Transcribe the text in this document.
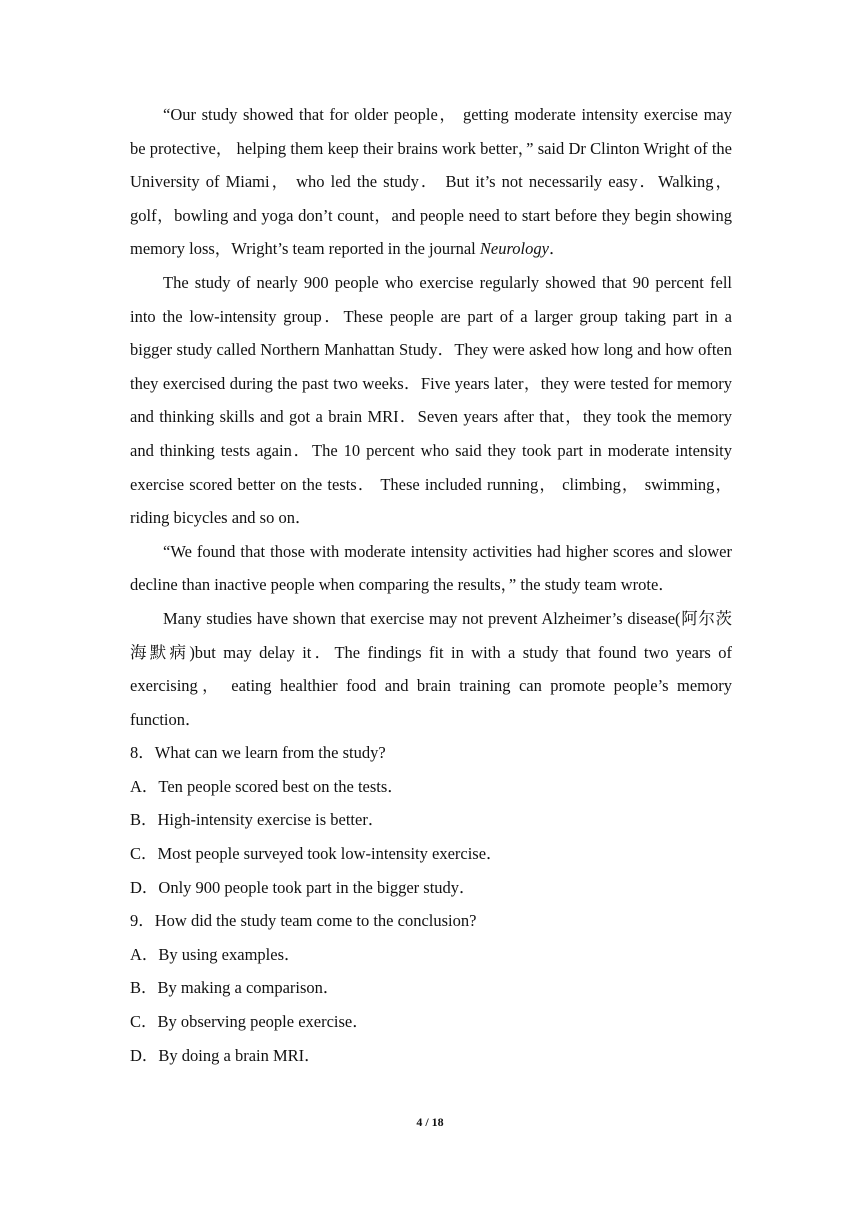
“Our study showed that for older people， getting moderate intensity exercise may be protective， helping them keep their brains work better，” said Dr Clinton Wright of the University of Miami， who led the study． But it’s not necessarily easy．Walking，golf，bowling and yoga don’t count，and people need to start before they begin showing memory loss，Wright’s team reported in the journal Neurology．

The study of nearly 900 people who exercise regularly showed that 90 percent fell into the low-intensity group．These people are part of a larger group taking part in a bigger study called Northern Manhattan Study．They were asked how long and how often they exercised during the past two weeks．Five years later，they were tested for memory and thinking skills and got a brain MRI．Seven years after that，they took the memory and thinking tests again．The 10 percent who said they took part in moderate intensity exercise scored better on the tests． These included running， climbing， swimming，riding bicycles and so on．

“We found that those with moderate intensity activities had higher scores and slower decline than inactive people when comparing the results，” the study team wrote．

Many studies have shown that exercise may not prevent Alzheimer’s disease(阿尔茨海默病)but may delay it．The findings fit in with a study that found two years of exercising， eating healthier food and brain training can promote people’s memory function．

8．What can we learn from the study?

A．Ten people scored best on the tests．

B．High-intensity exercise is better．

C．Most people surveyed took low-intensity exercise．

D．Only 900 people took part in the bigger study．

9．How did the study team come to the conclusion?

A．By using examples．

B．By making a comparison．

C．By observing people exercise．

D．By doing a brain MRI．

4 / 18
